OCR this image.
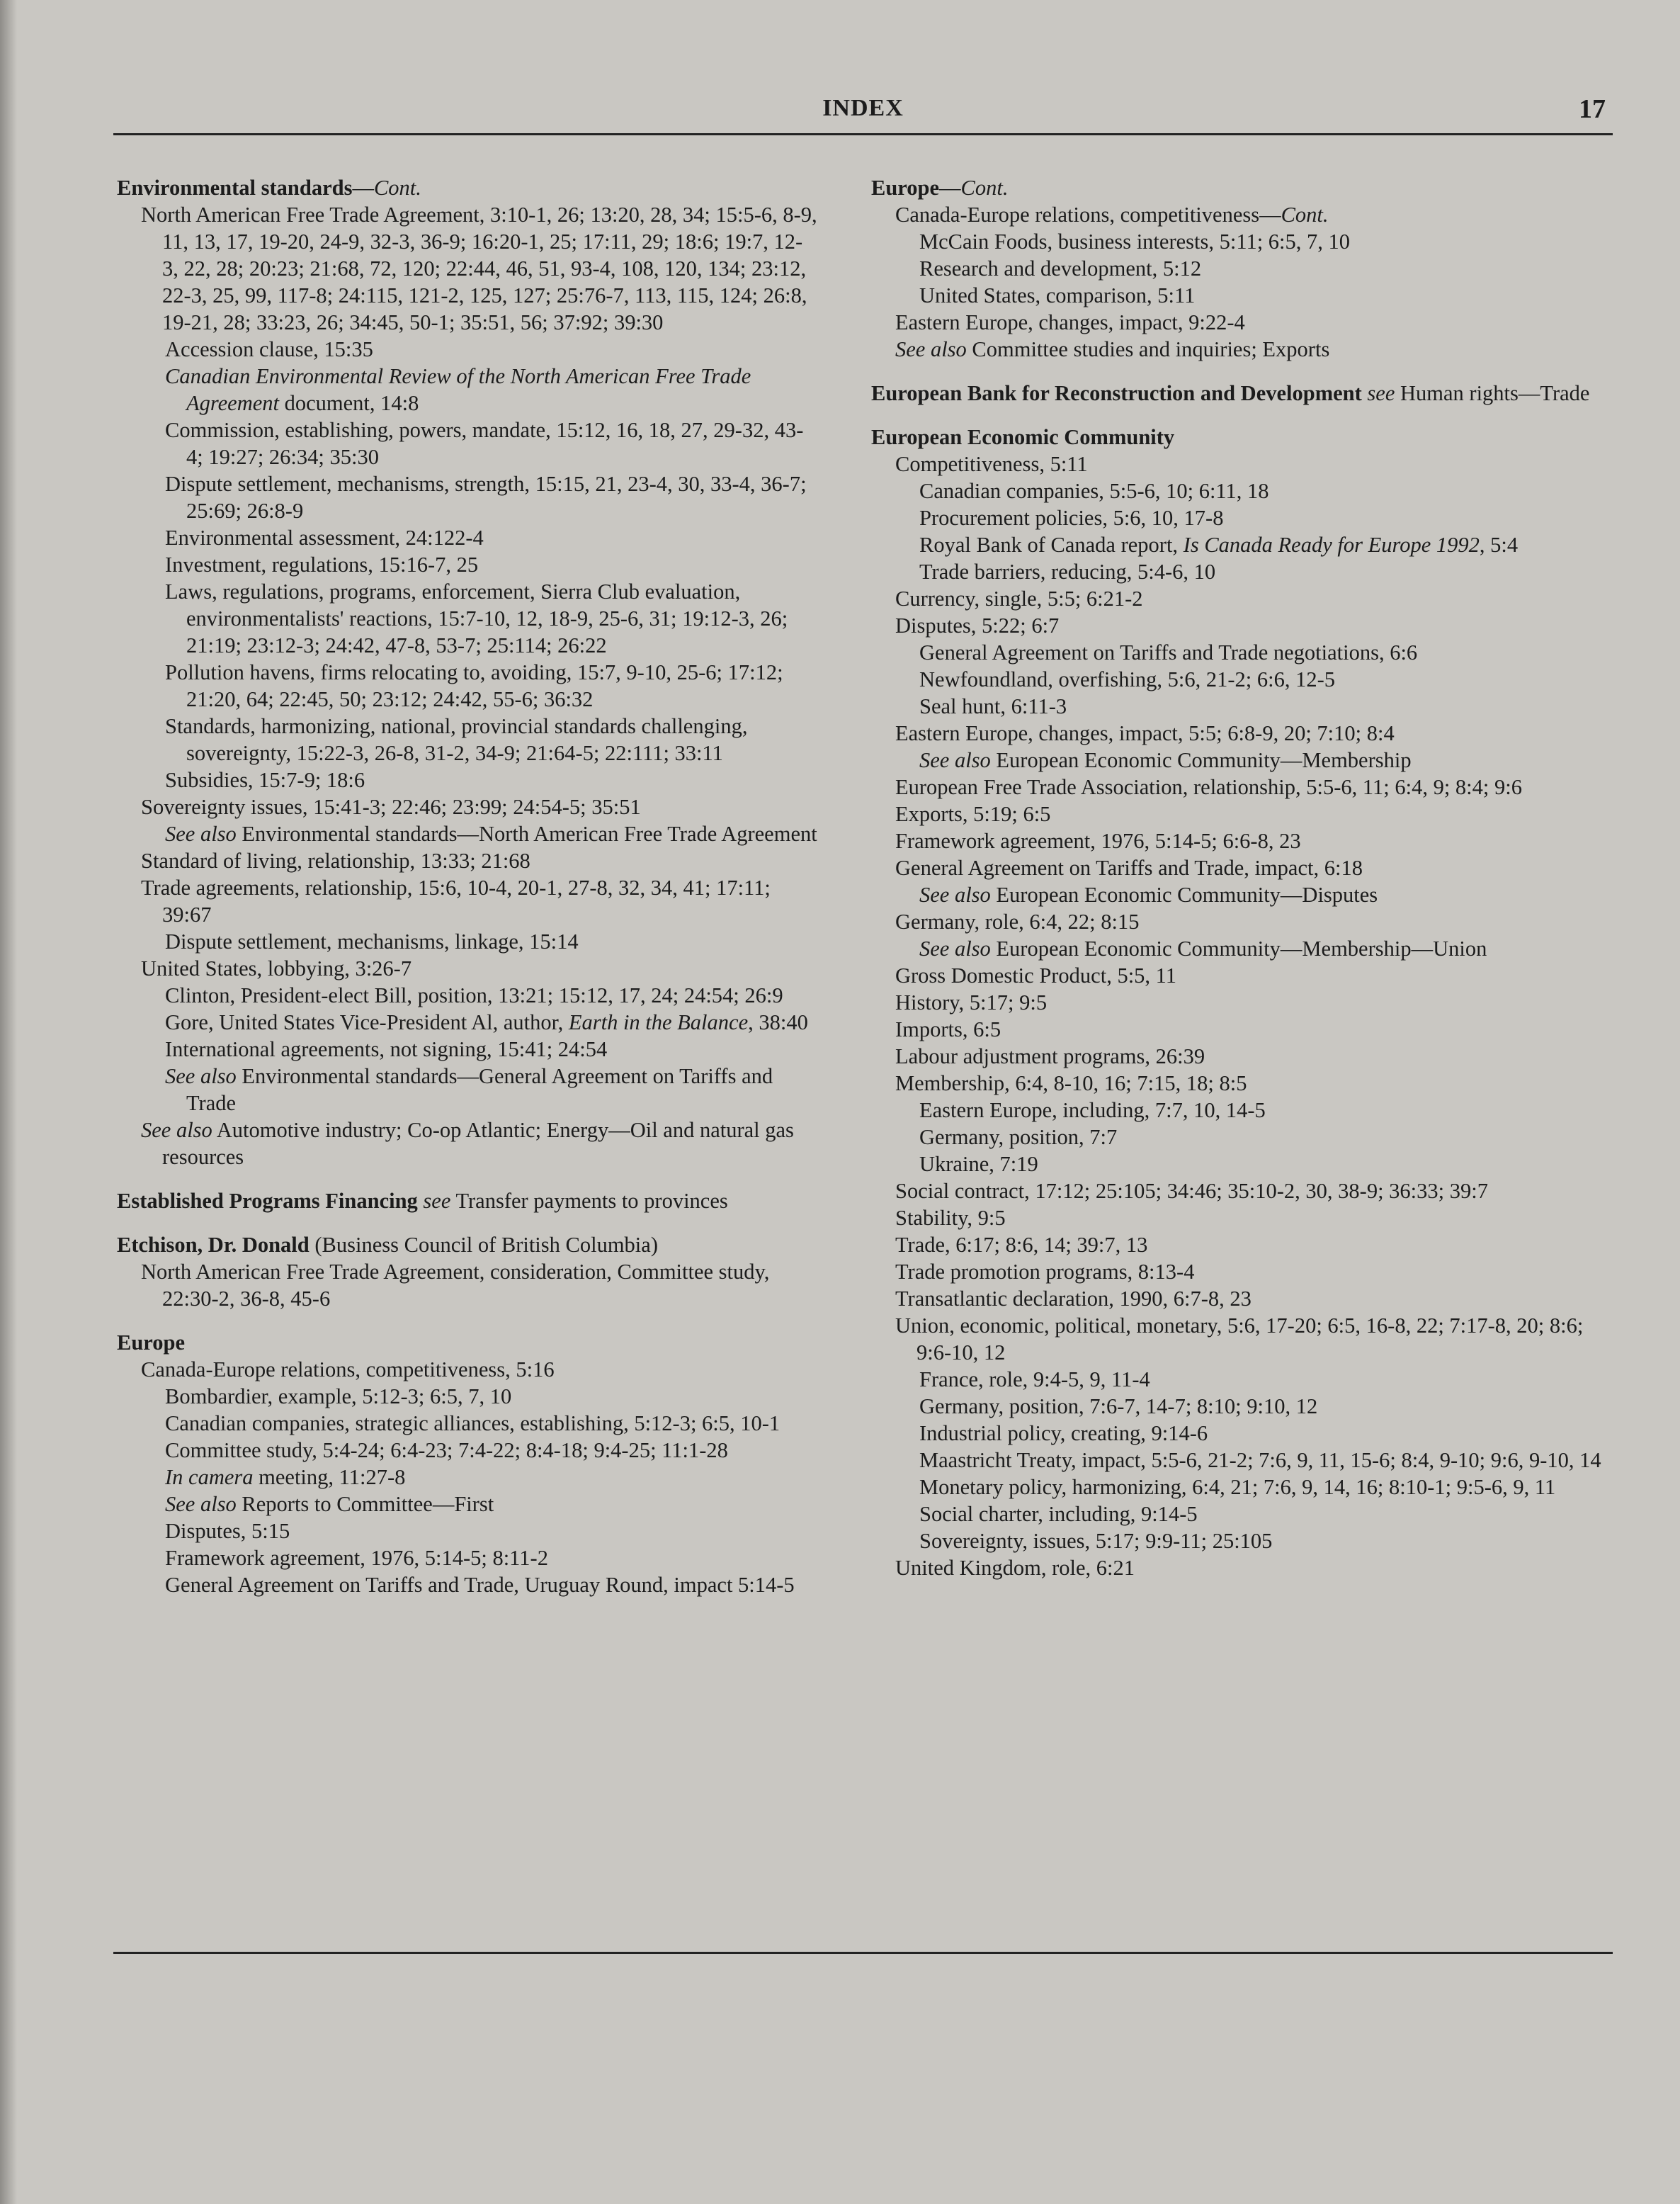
INDEX	17

Environmental standards—Cont.

North American Free Trade Agreement, 3:10-1, 26; 13:20, 28, 34; 15:5-6, 8-9, 11, 13, 17, 19-20, 24-9, 32-3, 36-9; 16:20-1, 25; 17:11, 29; 18:6; 19:7, 12-3, 22, 28; 20:23; 21:68, 72, 120; 22:44, 46, 51, 93-4, 108, 120, 134; 23:12, 22-3, 25, 99, 117-8; 24:115, 121-2, 125, 127; 25:76-7, 113, 115, 124; 26:8, 19-21, 28; 33:23, 26; 34:45, 50-1; 35:51, 56; 37:92; 39:30

Accession clause, 15:35

Canadian Environmental Review of the North American Free Trade Agreement document, 14:8

Commission, establishing, powers, mandate, 15:12, 16, 18, 27, 29-32, 43-4; 19:27; 26:34; 35:30

Dispute settlement, mechanisms, strength, 15:15, 21, 23-4, 30, 33-4, 36-7; 25:69; 26:8-9

Environmental assessment, 24:122-4

Investment, regulations, 15:16-7, 25

Laws, regulations, programs, enforcement, Sierra Club evaluation, environmentalists' reactions, 15:7-10, 12, 18-9, 25-6, 31; 19:12-3, 26; 21:19; 23:12-3; 24:42, 47-8, 53-7; 25:114; 26:22

Pollution havens, firms relocating to, avoiding, 15:7, 9-10, 25-6; 17:12; 21:20, 64; 22:45, 50; 23:12; 24:42, 55-6; 36:32

Standards, harmonizing, national, provincial standards challenging, sovereignty, 15:22-3, 26-8, 31-2, 34-9; 21:64-5; 22:111; 33:11

Subsidies, 15:7-9; 18:6

Sovereignty issues, 15:41-3; 22:46; 23:99; 24:54-5; 35:51

See also Environmental standards—North American Free Trade Agreement

Standard of living, relationship, 13:33; 21:68

Trade agreements, relationship, 15:6, 10-4, 20-1, 27-8, 32, 34, 41; 17:11; 39:67

Dispute settlement, mechanisms, linkage, 15:14

United States, lobbying, 3:26-7

Clinton, President-elect Bill, position, 13:21; 15:12, 17, 24; 24:54; 26:9

Gore, United States Vice-President Al, author, Earth in the Balance, 38:40

International agreements, not signing, 15:41; 24:54

See also Environmental standards—General Agreement on Tariffs and Trade

See also Automotive industry; Co-op Atlantic; Energy—Oil and natural gas resources

Established Programs Financing see Transfer payments to provinces

Etchison, Dr. Donald (Business Council of British Columbia)

North American Free Trade Agreement, consideration, Committee study, 22:30-2, 36-8, 45-6

Europe

Canada-Europe relations, competitiveness, 5:16

Bombardier, example, 5:12-3; 6:5, 7, 10

Canadian companies, strategic alliances, establishing, 5:12-3; 6:5, 10-1

Committee study, 5:4-24; 6:4-23; 7:4-22; 8:4-18; 9:4-25; 11:1-28

In camera meeting, 11:27-8

See also Reports to Committee—First

Disputes, 5:15

Framework agreement, 1976, 5:14-5; 8:11-2

General Agreement on Tariffs and Trade, Uruguay Round, impact 5:14-5

Europe—Cont.

Canada-Europe relations, competitiveness—Cont.

McCain Foods, business interests, 5:11; 6:5, 7, 10

Research and development, 5:12

United States, comparison, 5:11

Eastern Europe, changes, impact, 9:22-4

See also Committee studies and inquiries; Exports

European Bank for Reconstruction and Development see Human rights—Trade

European Economic Community

Competitiveness, 5:11

Canadian companies, 5:5-6, 10; 6:11, 18

Procurement policies, 5:6, 10, 17-8

Royal Bank of Canada report, Is Canada Ready for Europe 1992, 5:4

Trade barriers, reducing, 5:4-6, 10

Currency, single, 5:5; 6:21-2

Disputes, 5:22; 6:7

General Agreement on Tariffs and Trade negotiations, 6:6

Newfoundland, overfishing, 5:6, 21-2; 6:6, 12-5

Seal hunt, 6:11-3

Eastern Europe, changes, impact, 5:5; 6:8-9, 20; 7:10; 8:4

See also European Economic Community—Membership

European Free Trade Association, relationship, 5:5-6, 11; 6:4, 9; 8:4; 9:6

Exports, 5:19; 6:5

Framework agreement, 1976, 5:14-5; 6:6-8, 23

General Agreement on Tariffs and Trade, impact, 6:18

See also European Economic Community—Disputes

Germany, role, 6:4, 22; 8:15

See also European Economic Community—Membership—Union

Gross Domestic Product, 5:5, 11

History, 5:17; 9:5

Imports, 6:5

Labour adjustment programs, 26:39

Membership, 6:4, 8-10, 16; 7:15, 18; 8:5

Eastern Europe, including, 7:7, 10, 14-5

Germany, position, 7:7

Ukraine, 7:19

Social contract, 17:12; 25:105; 34:46; 35:10-2, 30, 38-9; 36:33; 39:7

Stability, 9:5

Trade, 6:17; 8:6, 14; 39:7, 13

Trade promotion programs, 8:13-4

Transatlantic declaration, 1990, 6:7-8, 23

Union, economic, political, monetary, 5:6, 17-20; 6:5, 16-8, 22; 7:17-8, 20; 8:6; 9:6-10, 12

France, role, 9:4-5, 9, 11-4

Germany, position, 7:6-7, 14-7; 8:10; 9:10, 12

Industrial policy, creating, 9:14-6

Maastricht Treaty, impact, 5:5-6, 21-2; 7:6, 9, 11, 15-6; 8:4, 9-10; 9:6, 9-10, 14

Monetary policy, harmonizing, 6:4, 21; 7:6, 9, 14, 16; 8:10-1; 9:5-6, 9, 11

Social charter, including, 9:14-5

Sovereignty, issues, 5:17; 9:9-11; 25:105

United Kingdom, role, 6:21
